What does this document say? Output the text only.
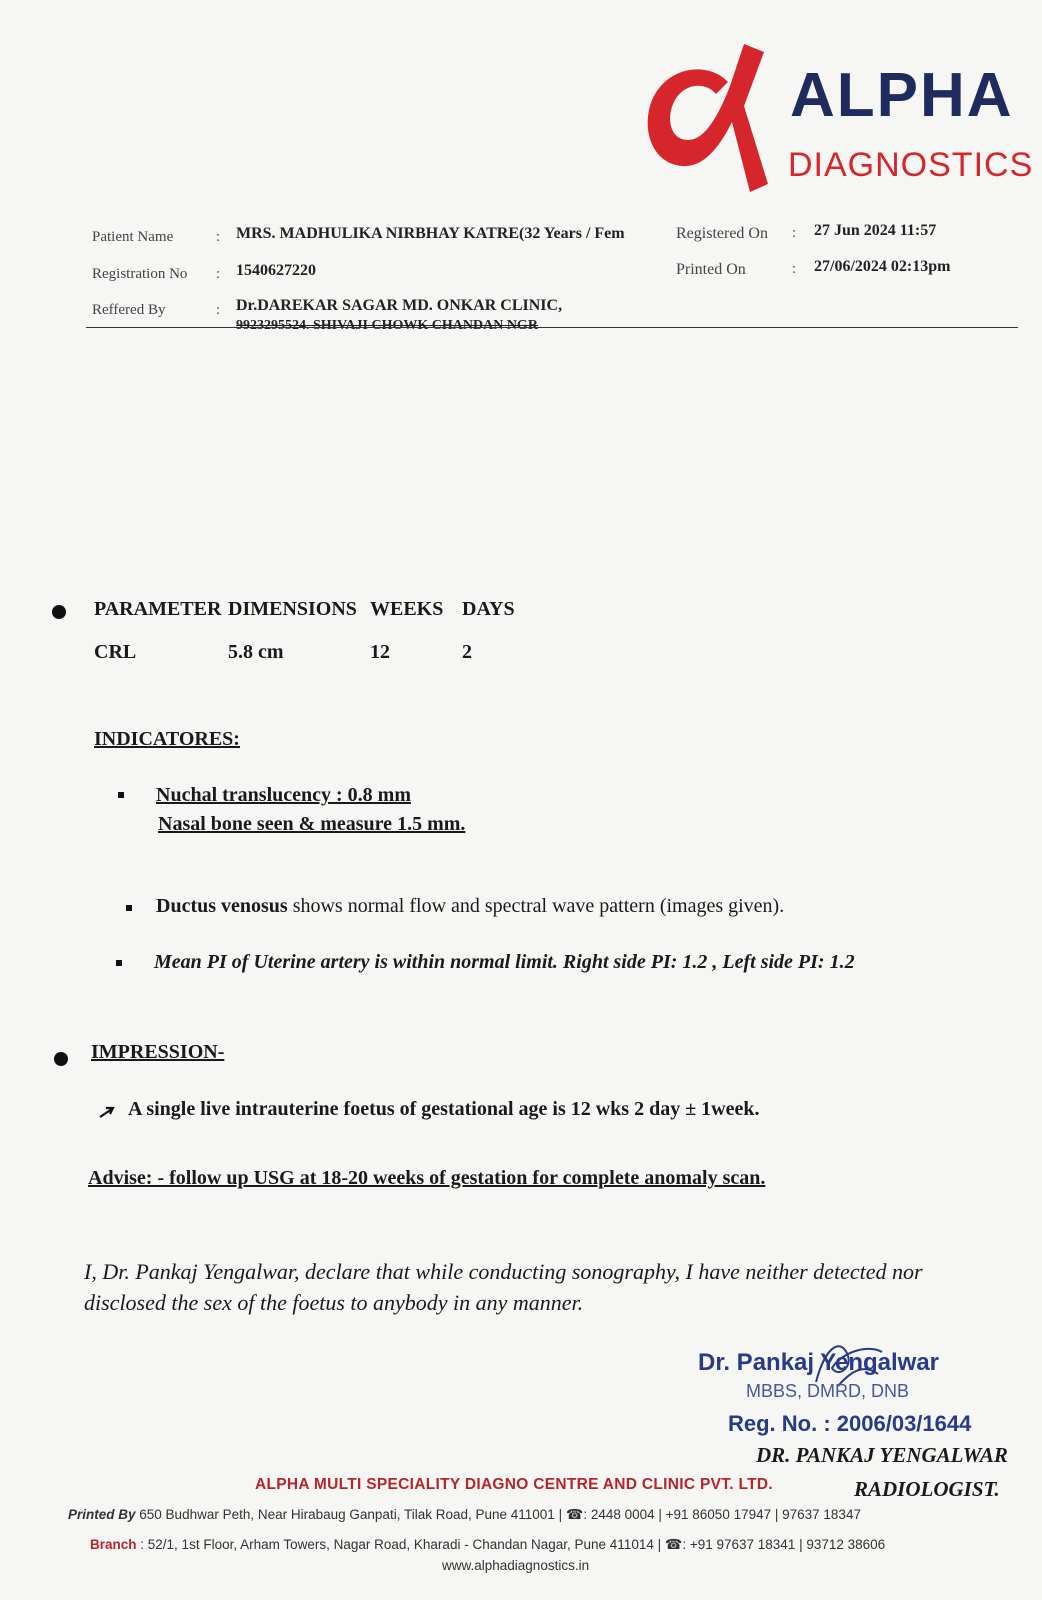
ALPHA
DIAGNOSTICS
Patient Name	: MRS. MADHULIKA NIRBHAY KATRE(32 Years / Fem
Registration No : 1540627220
Reffered By	: Dr.DAREKAR SAGAR MD. ONKAR CLINIC,
9923295524. SHIVAJI CHOWK CHANDAN NGR
Registered On : 27 Jun 2024 11:57
Printed On	: 27/06/2024 02:13pm
PARAMETER DIMENSIONS WEEKS DAYS
CRL	5.8 cm	12	2
INDICATORES:
Nuchal translucency : 0.8 mm
Nasal bone seen & measure 1.5 mm.
Ductus venosus shows normal flow and spectral wave pattern (images given).
Mean PI of Uterine artery is within normal limit. Right side PI: 1.2 , Left side PI: 1.2
IMPRESSION-
A single live intrauterine foetus of gestational age is 12 wks 2 day ± 1week.
Advise: - follow up USG at 18-20 weeks of gestation for complete anomaly scan.
I, Dr. Pankaj Yengalwar, declare that while conducting sonography, I have neither detected nor disclosed the sex of the foetus to anybody in any manner.
Dr. Pankaj Yengalwar
MBBS, DMRD, DNB
Reg. No. : 2006/03/1644
DR. PANKAJ YENGALWAR
RADIOLOGIST.
ALPHA MULTI SPECIALITY DIAGNO CENTRE AND CLINIC PVT. LTD.
Printed By 650 Budhwar Peth, Near Hirabaug Ganpati, Tilak Road, Pune 411001 | ☎: 2448 0004 | +91 86050 17947 | 97637 18347
Branch : 52/1, 1st Floor, Arham Towers, Nagar Road, Kharadi - Chandan Nagar, Pune 411014 | ☎: +91 97637 18341 | 93712 38606
www.alphadiagnostics.in
